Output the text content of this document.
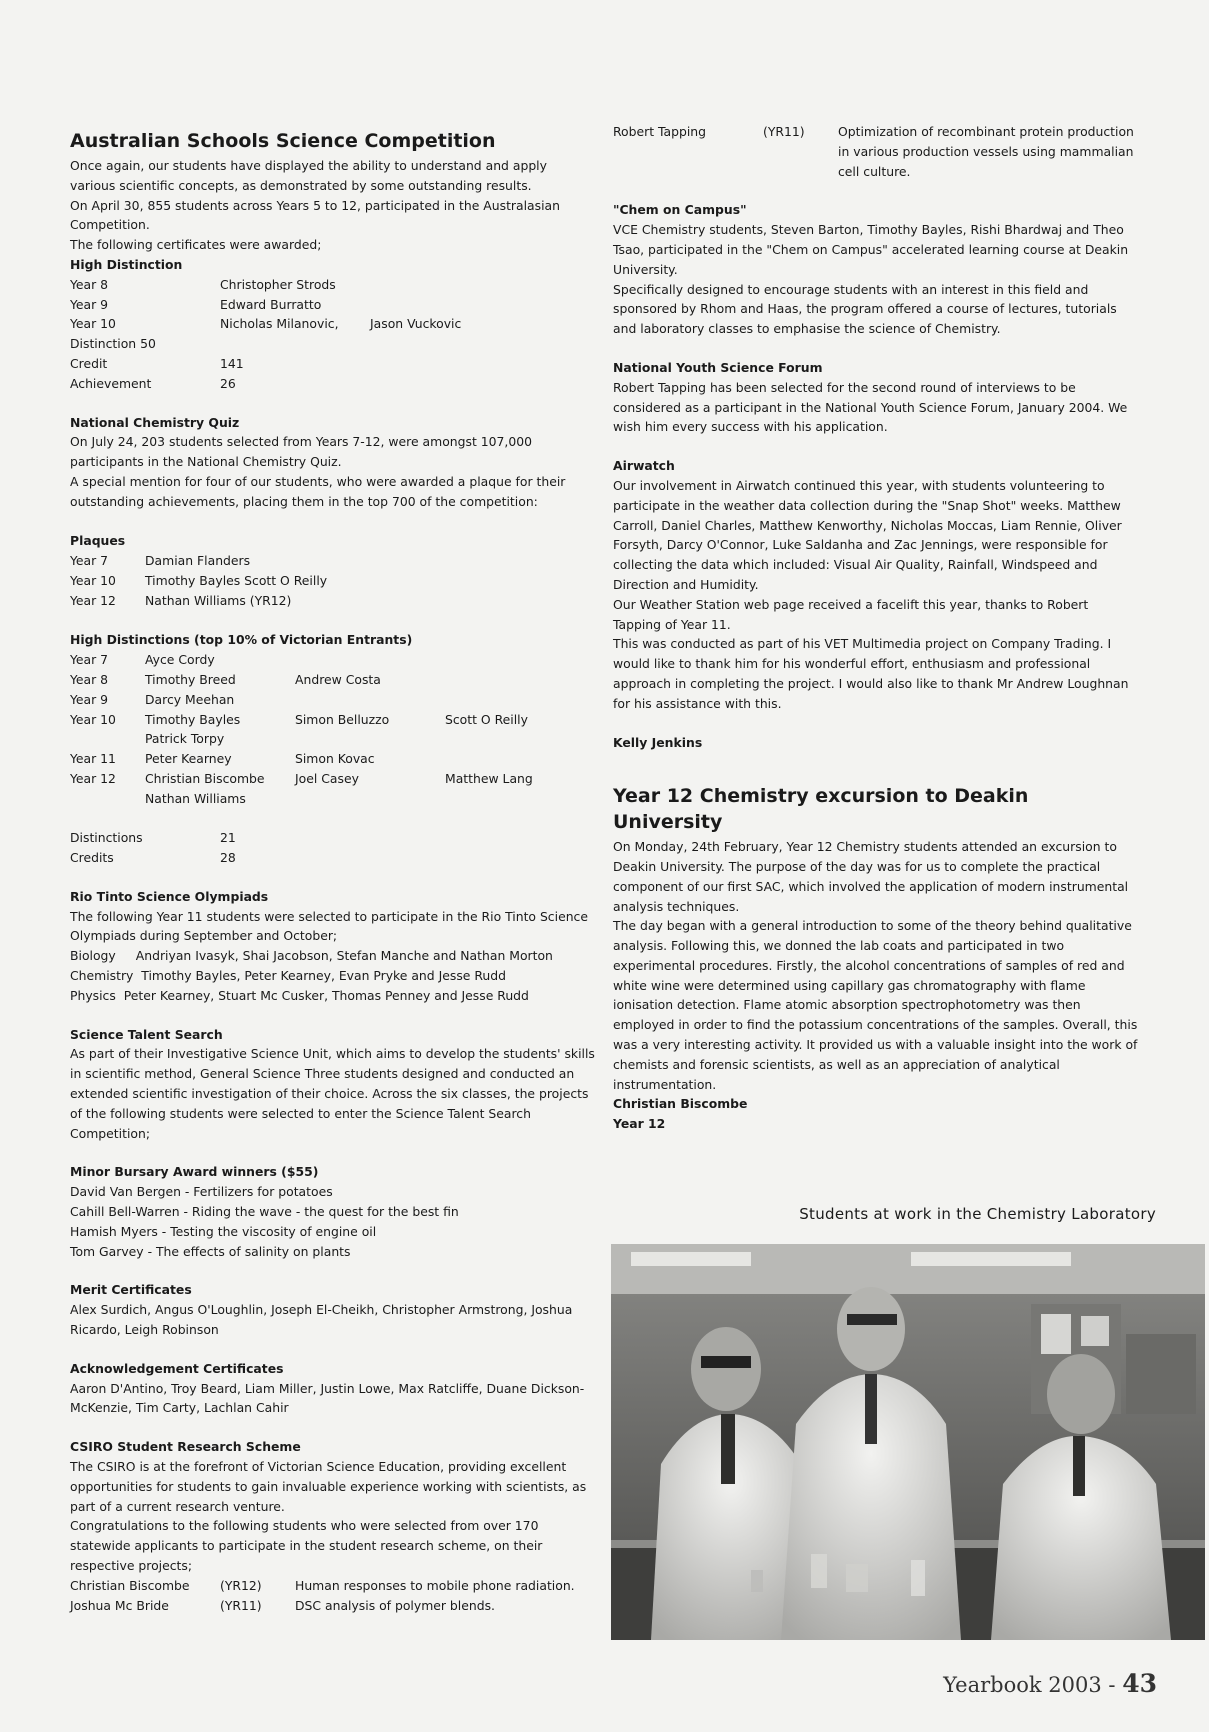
Australian Schools Science Competition

Once again, our students have displayed the ability to understand and apply various scientific concepts, as demonstrated by some outstanding results.

On April 30, 855 students across Years 5 to 12, participated in the Australasian Competition.

The following certificates were awarded;

High Distinction

Year 8	Christopher Strods
Year 9	Edward Burratto
Year 10	Nicholas Milanovic,	Jason Vuckovic

Distinction 50

Credit	141
Achievement	26

National Chemistry Quiz

On July 24, 203 students selected from Years 7-12, were amongst 107,000 participants in the National Chemistry Quiz.

A special mention for four of our students, who were awarded a plaque for their outstanding achievements, placing them in the top 700 of the competition:

Plaques

Year 7	Damian Flanders
Year 10	Timothy Bayles Scott O Reilly
Year 12	Nathan Williams (YR12)

High Distinctions (top 10% of Victorian Entrants)

Year 7	Ayce Cordy
Year 8	Timothy Breed	Andrew Costa
Year 9	Darcy Meehan
Year 10	Timothy Bayles	Simon Belluzzo	Scott O Reilly
Patrick Torpy
Year 11	Peter Kearney	Simon Kovac
Year 12	Christian Biscombe	Joel Casey	Matthew Lang
Nathan Williams
Distinctions	21
Credits	28

Rio Tinto Science Olympiads

The following Year 11 students were selected to participate in the Rio Tinto Science Olympiads during September and October;

Biology Andriyan Ivasyk, Shai Jacobson, Stefan Manche and Nathan Morton

Chemistry Timothy Bayles, Peter Kearney, Evan Pryke and Jesse Rudd

Physics Peter Kearney, Stuart Mc Cusker, Thomas Penney and Jesse Rudd

Science Talent Search

As part of their Investigative Science Unit, which aims to develop the students' skills in scientific method, General Science Three students designed and conducted an extended scientific investigation of their choice. Across the six classes, the projects of the following students were selected to enter the Science Talent Search Competition;

Minor Bursary Award winners ($55)

David Van Bergen - Fertilizers for potatoes

Cahill Bell-Warren - Riding the wave - the quest for the best fin

Hamish Myers - Testing the viscosity of engine oil

Tom Garvey - The effects of salinity on plants

Merit Certificates

Alex Surdich, Angus O'Loughlin, Joseph El-Cheikh, Christopher Armstrong, Joshua Ricardo, Leigh Robinson

Acknowledgement Certificates

Aaron D'Antino, Troy Beard, Liam Miller, Justin Lowe, Max Ratcliffe, Duane Dickson-McKenzie, Tim Carty, Lachlan Cahir

CSIRO Student Research Scheme

The CSIRO is at the forefront of Victorian Science Education, providing excellent opportunities for students to gain invaluable experience working with scientists, as part of a current research venture.

Congratulations to the following students who were selected from over 170 statewide applicants to participate in the student research scheme, on their respective projects;

Christian Biscombe	(YR12)	Human responses to mobile phone radiation.
Joshua Mc Bride	(YR11)	DSC analysis of polymer blends.
Robert Tapping	(YR11)	Optimization of recombinant protein production in various production vessels using mammalian cell culture.

"Chem on Campus"

VCE Chemistry students, Steven Barton, Timothy Bayles, Rishi Bhardwaj and Theo Tsao, participated in the "Chem on Campus" accelerated learning course at Deakin University.

Specifically designed to encourage students with an interest in this field and sponsored by Rhom and Haas, the program offered a course of lectures, tutorials and laboratory classes to emphasise the science of Chemistry.

National Youth Science Forum

Robert Tapping has been selected for the second round of interviews to be considered as a participant in the National Youth Science Forum, January 2004. We wish him every success with his application.

Airwatch

Our involvement in Airwatch continued this year, with students volunteering to participate in the weather data collection during the "Snap Shot" weeks. Matthew Carroll, Daniel Charles, Matthew Kenworthy, Nicholas Moccas, Liam Rennie, Oliver Forsyth, Darcy O'Connor, Luke Saldanha and Zac Jennings, were responsible for collecting the data which included: Visual Air Quality, Rainfall, Windspeed and Direction and Humidity.

Our Weather Station web page received a facelift this year, thanks to Robert Tapping of Year 11.

This was conducted as part of his VET Multimedia project on Company Trading. I would like to thank him for his wonderful effort, enthusiasm and professional approach in completing the project. I would also like to thank Mr Andrew Loughnan for his assistance with this.

Kelly Jenkins

Year 12 Chemistry excursion to Deakin University

On Monday, 24th February, Year 12 Chemistry students attended an excursion to Deakin University. The purpose of the day was for us to complete the practical component of our first SAC, which involved the application of modern instrumental analysis techniques.

The day began with a general introduction to some of the theory behind qualitative analysis. Following this, we donned the lab coats and participated in two experimental procedures. Firstly, the alcohol concentrations of samples of red and white wine were determined using capillary gas chromatography with flame ionisation detection. Flame atomic absorption spectrophotometry was then employed in order to find the potassium concentrations of the samples. Overall, this was a very interesting activity. It provided us with a valuable insight into the work of chemists and forensic scientists, as well as an appreciation of analytical instrumentation.

Christian Biscombe

Year 12

Students at work in the Chemistry Laboratory
Yearbook 2003 - 43
